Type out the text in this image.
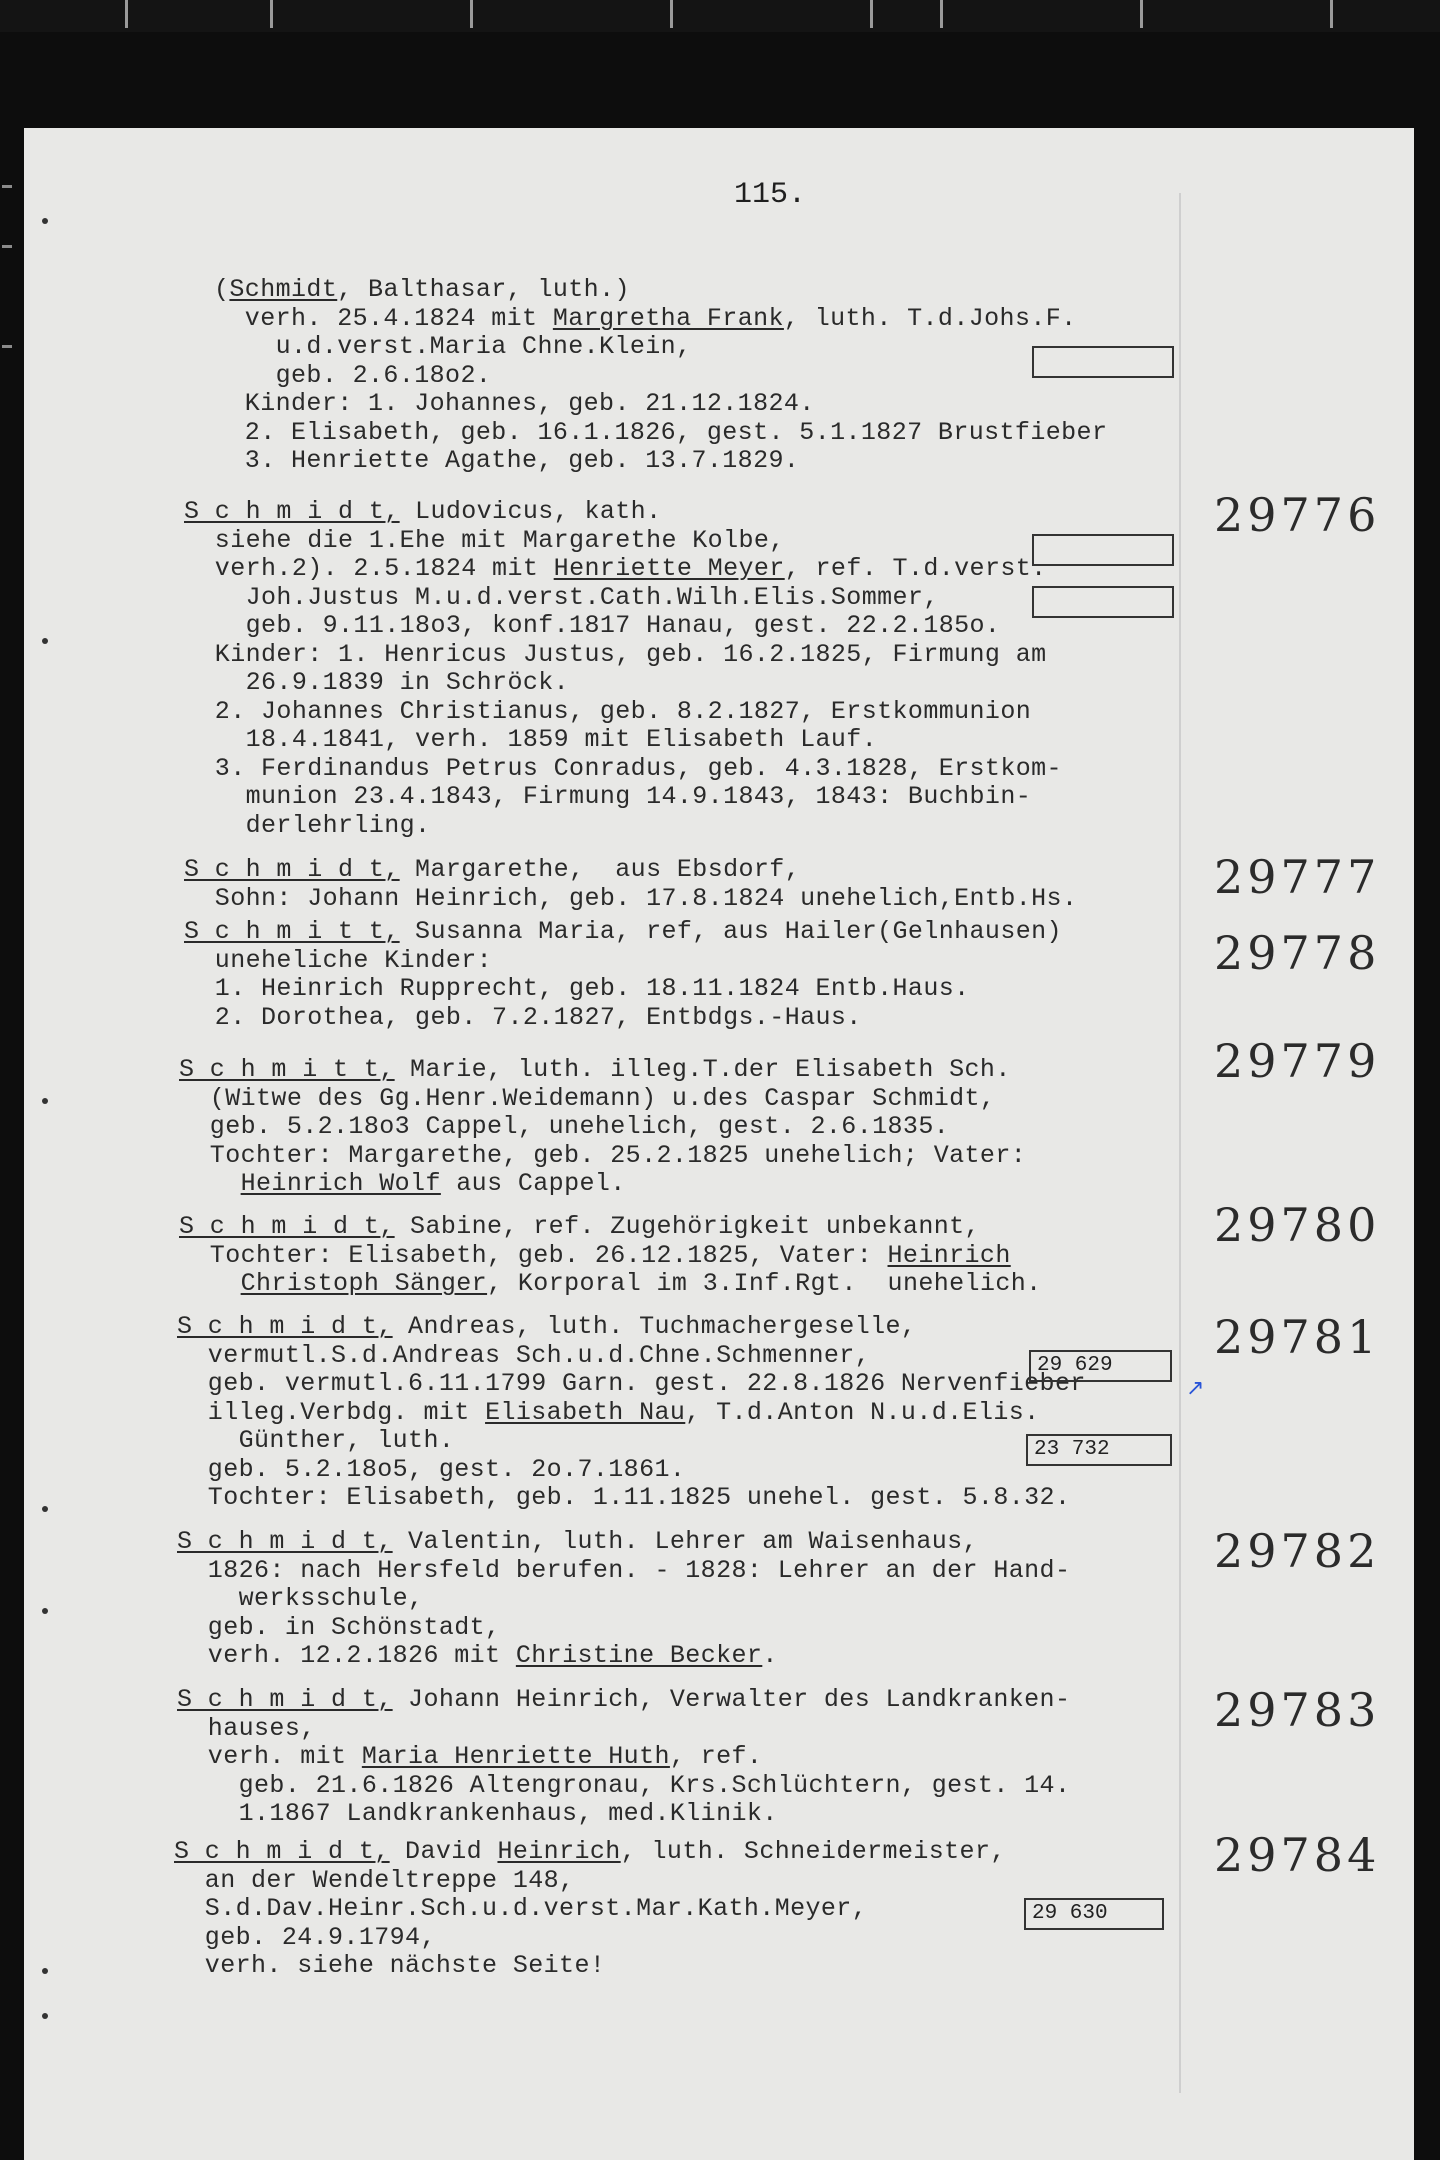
115.
(Schmidt, Balthasar, luth.)
verh. 25.4.1824 mit Margretha Frank, luth. T.d.Johs.F.
u.d.verst.Maria Chne.Klein,
geb. 2.6.18o2.
Kinder: 1. Johannes, geb. 21.12.1824.
2. Elisabeth, geb. 16.1.1826, gest. 5.1.1827 Brustfieber
3. Henriette Agathe, geb. 13.7.1829.
S c h m i d t, Ludovicus, kath.
siehe die 1.Ehe mit Margarethe Kolbe,
verh.2). 2.5.1824 mit Henriette Meyer, ref. T.d.verst.
Joh.Justus M.u.d.verst.Cath.Wilh.Elis.Sommer,
geb. 9.11.18o3, konf.1817 Hanau, gest. 22.2.185o.
Kinder: 1. Henricus Justus, geb. 16.2.1825, Firmung am
26.9.1839 in Schröck.
2. Johannes Christianus, geb. 8.2.1827, Erstkommunion
18.4.1841, verh. 1859 mit Elisabeth Lauf.
3. Ferdinandus Petrus Conradus, geb. 4.3.1828, Erstkom-
munion 23.4.1843, Firmung 14.9.1843, 1843: Buchbin-
derlehrling.
29776
S c h m i d t, Margarethe,  aus Ebsdorf,
Sohn: Johann Heinrich, geb. 17.8.1824 unehelich,Entb.Hs.	29777
S c h m i t t, Susanna Maria, ref, aus Hailer(Gelnhausen)
uneheliche Kinder:
1. Heinrich Rupprecht, geb. 18.11.1824 Entb.Haus.
2. Dorothea, geb. 7.2.1827, Entbdgs.-Haus.
29778
S c h m i t t, Marie, luth. illeg.T.der Elisabeth Sch.
(Witwe des Gg.Henr.Weidemann) u.des Caspar Schmidt,
geb. 5.2.18o3 Cappel, unehelich, gest. 2.6.1835.
Tochter: Margarethe, geb. 25.2.1825 unehelich; Vater:
Heinrich Wolf aus Cappel.
29779
S c h m i d t, Sabine, ref. Zugehörigkeit unbekannt,
Tochter: Elisabeth, geb. 26.12.1825, Vater: Heinrich
Christoph Sänger, Korporal im 3.Inf.Rgt.  unehelich.
29780
S c h m i d t, Andreas, luth. Tuchmachergeselle,
vermutl.S.d.Andreas Sch.u.d.Chne.Schmenner,
geb. vermutl.6.11.1799 Garn. gest. 22.8.1826 Nervenfieber
illeg.Verbdg. mit Elisabeth Nau, T.d.Anton N.u.d.Elis.
Günther, luth.
geb. 5.2.18o5, gest. 2o.7.1861.
Tochter: Elisabeth, geb. 1.11.1825 unehel. gest. 5.8.32.
29781
S c h m i d t, Valentin, luth. Lehrer am Waisenhaus,
1826: nach Hersfeld berufen. - 1828: Lehrer an der Hand-
werksschule,
geb. in Schönstadt,
verh. 12.2.1826 mit Christine Becker.
29782
S c h m i d t, Johann Heinrich, Verwalter des Landkranken-
hauses,
verh. mit Maria Henriette Huth, ref.
geb. 21.6.1826 Altengronau, Krs.Schlüchtern, gest. 14.
1.1867 Landkrankenhaus, med.Klinik.
29783
S c h m i d t, David Heinrich, luth. Schneidermeister,
an der Wendeltreppe 148,
S.d.Dav.Heinr.Sch.u.d.verst.Mar.Kath.Meyer,
geb. 24.9.1794,
verh. siehe nächste Seite!
29784
29 629
23 732
29 630
↗
